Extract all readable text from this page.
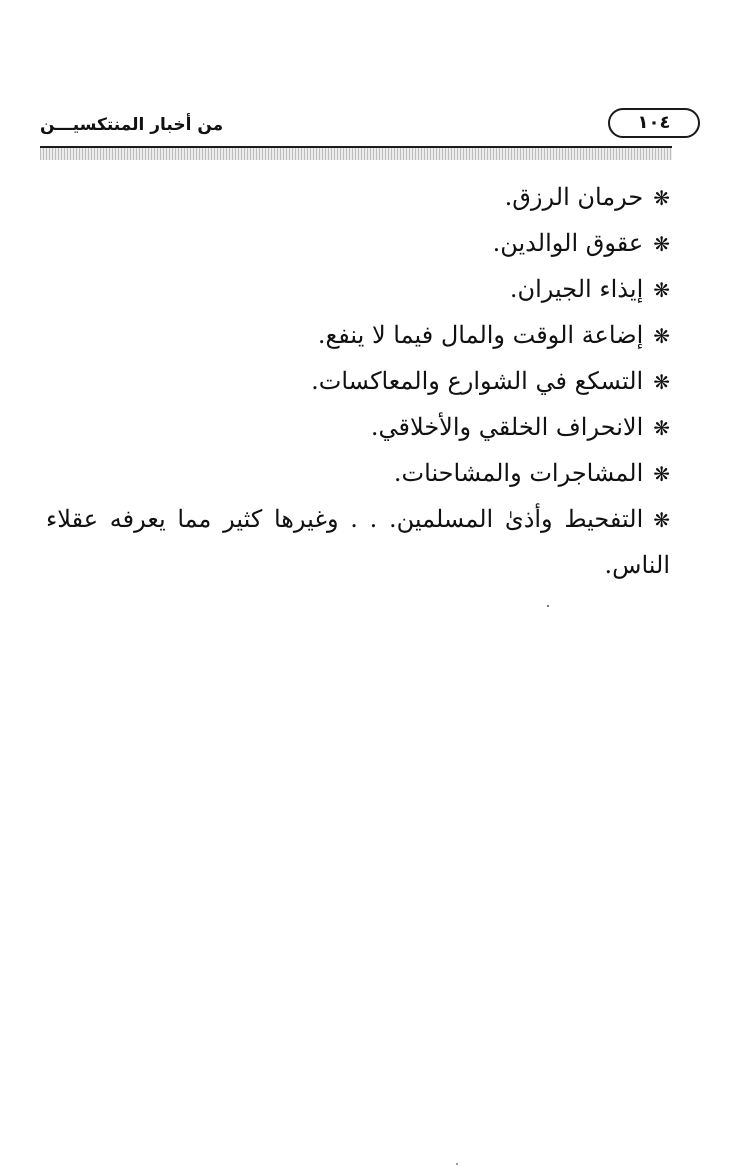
١٠٤
من أخبار المنتكسيـــن

❋حرمان الرزق.

❋عقوق الوالدين.

❋إيذاء الجيران.

❋إضاعة الوقت والمال فيما لا ينفع.

❋التسكع في الشوارع والمعاكسات.

❋الانحراف الخلقي والأخلاقي.

❋المشاجرات والمشاحنات.

❋التفحيط وأذىٰ المسلمين. . . وغيرها كثير مما يعرفه عقلاء الناس.
